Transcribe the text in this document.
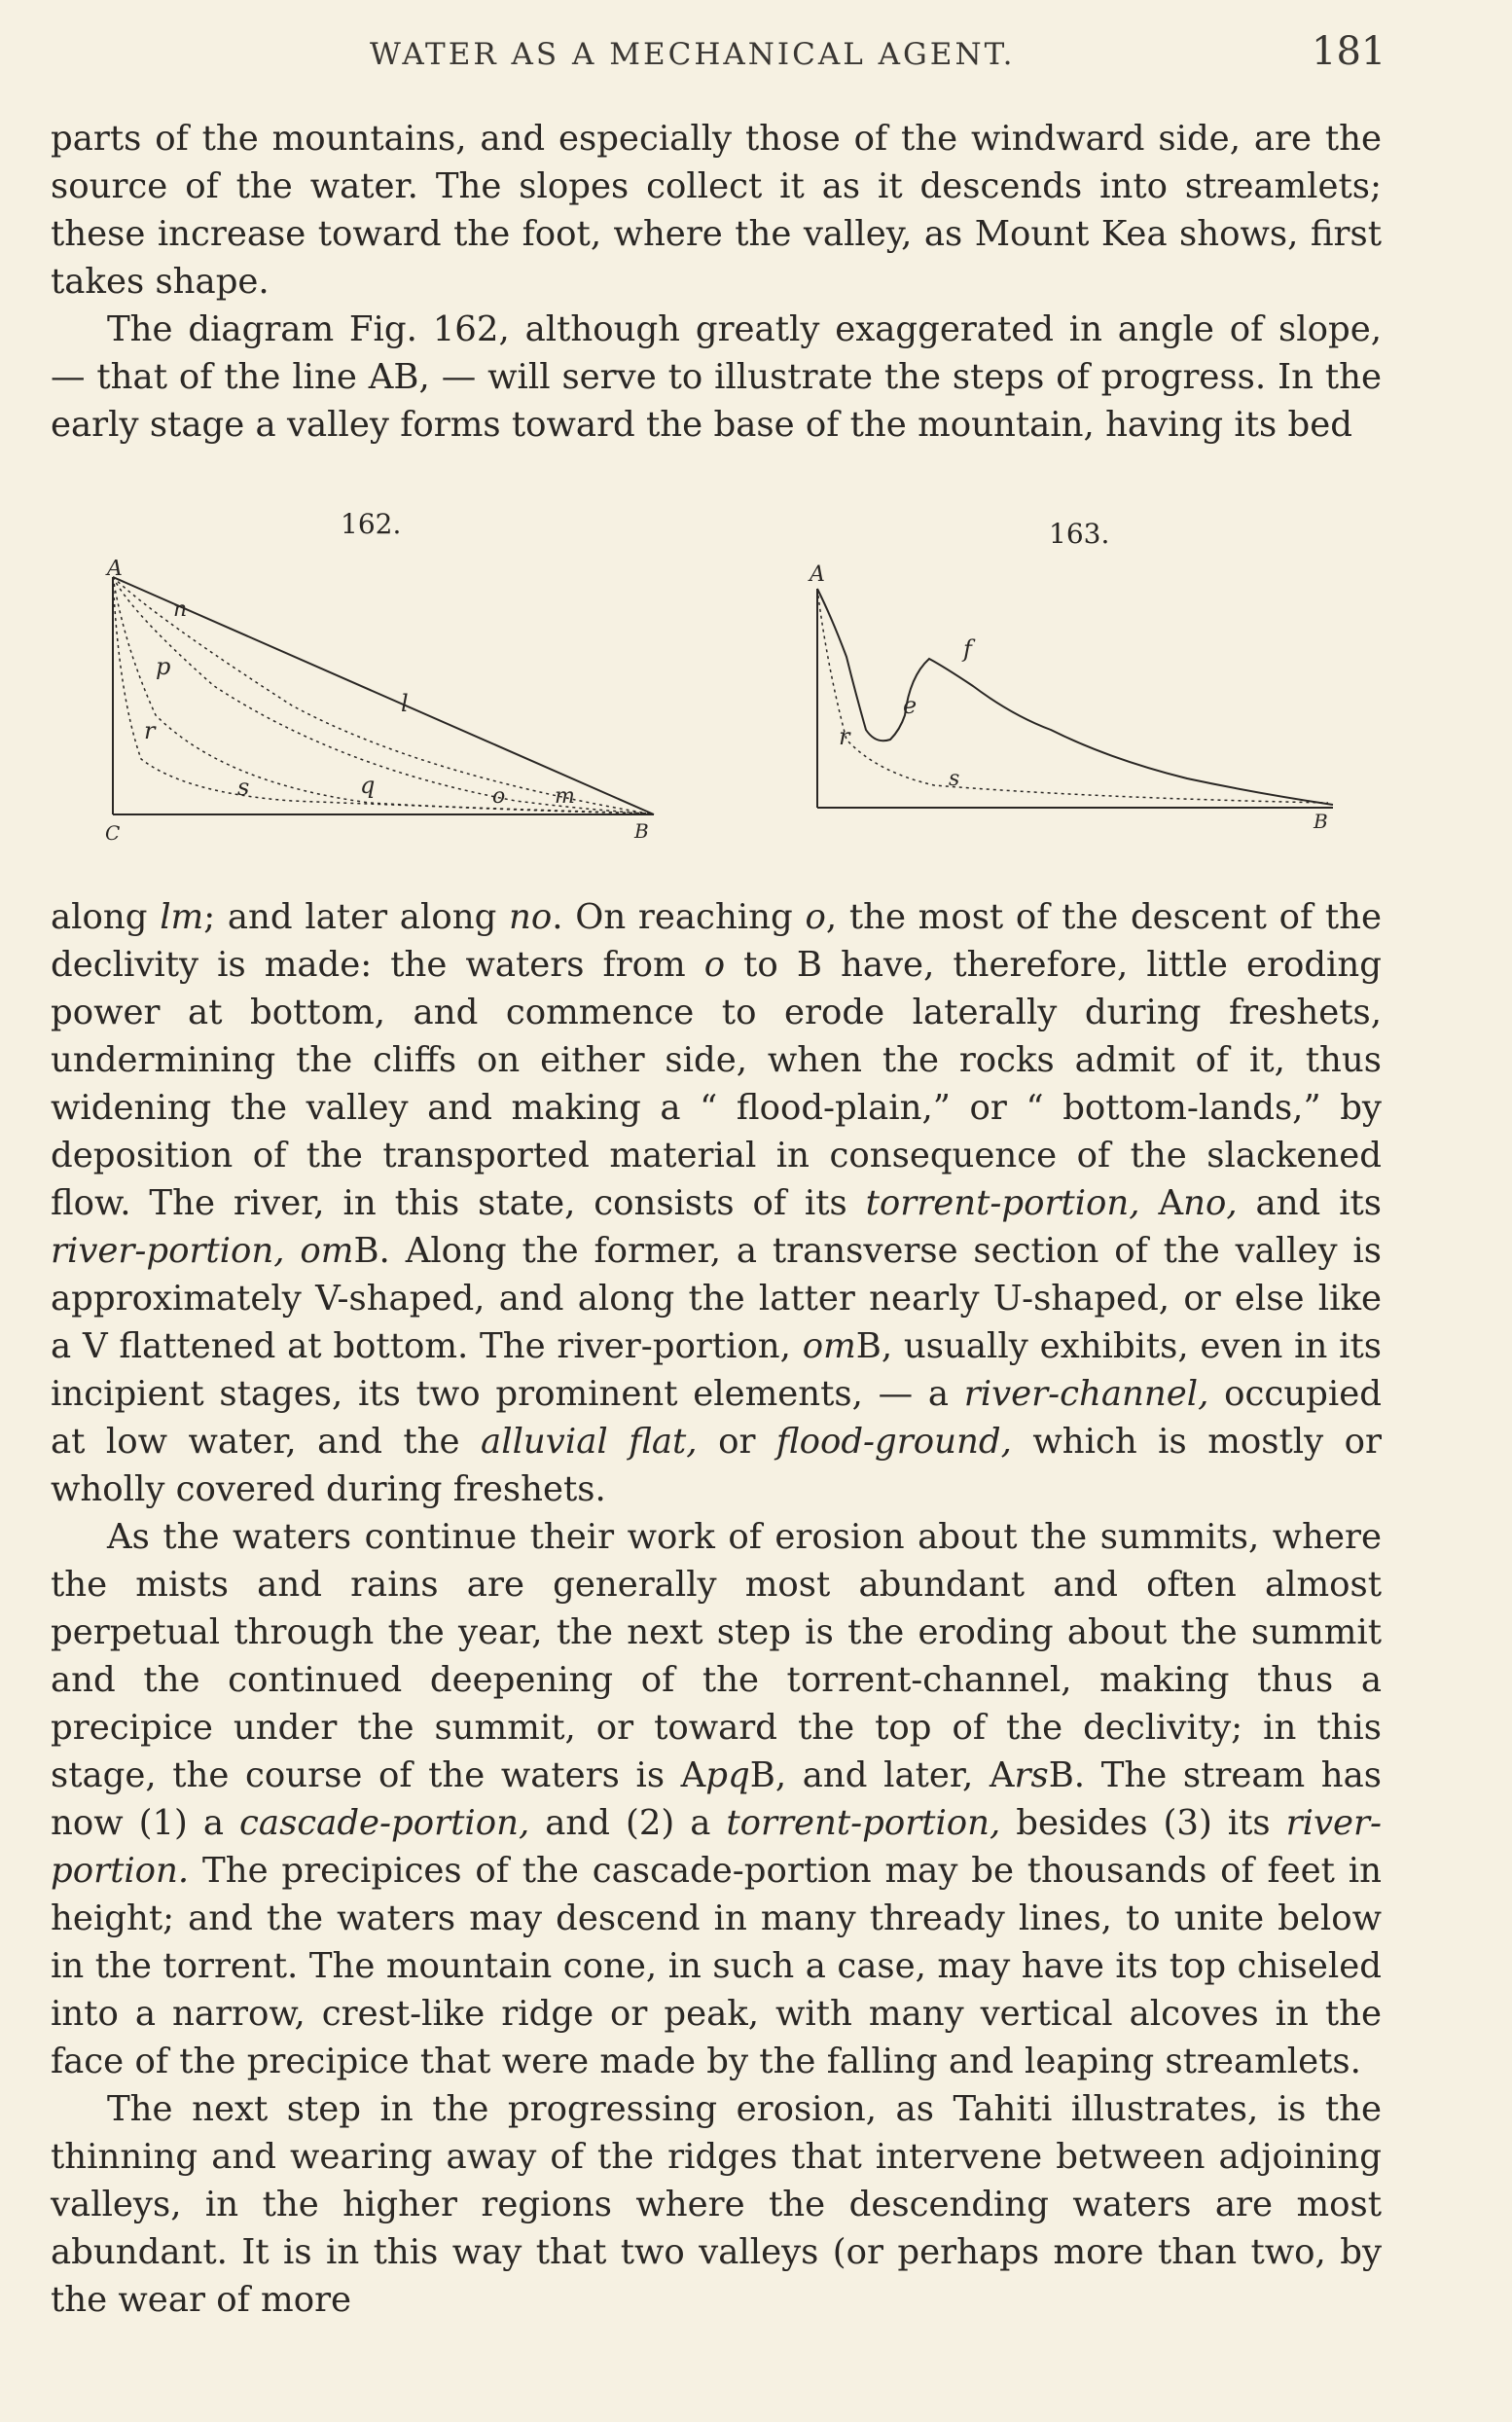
WATER AS A MECHANICAL AGENT.	181

parts of the mountains, and especially those of the windward side, are the source of the water. The slopes collect it as it descends into streamlets; these increase toward the foot, where the valley, as Mount Kea shows, first takes shape.

The diagram Fig. 162, although greatly exaggerated in angle of slope, — that of the line AB, — will serve to illustrate the steps of progress. In the early stage a valley forms toward the base of the mountain, having its bed

162.
A
n
p
l
r
s	q	o m
C	B
163.
A
f
e
r
s
B

along lm; and later along no. On reaching o, the most of the descent of the declivity is made: the waters from o to B have, therefore, little eroding power at bottom, and commence to erode laterally during freshets, undermining the cliffs on either side, when the rocks admit of it, thus widening the valley and making a “ flood-plain,” or “ bottom-lands,” by deposition of the transported material in consequence of the slackened flow. The river, in this state, consists of its torrent-portion, Ano, and its river-portion, omB. Along the former, a transverse section of the valley is approximately V-shaped, and along the latter nearly U-shaped, or else like a V flattened at bottom. The river-portion, omB, usually exhibits, even in its incipient stages, its two prominent elements, — a river-channel, occupied at low water, and the alluvial flat, or flood-ground, which is mostly or wholly covered during freshets.

As the waters continue their work of erosion about the summits, where the mists and rains are generally most abundant and often almost perpetual through the year, the next step is the eroding about the summit and the continued deepening of the torrent-channel, making thus a precipice under the summit, or toward the top of the declivity; in this stage, the course of the waters is ApqB, and later, ArsB. The stream has now (1) a cascade-portion, and (2) a torrent-portion, besides (3) its river-portion. The precipices of the cascade-portion may be thousands of feet in height; and the waters may descend in many thready lines, to unite below in the torrent. The mountain cone, in such a case, may have its top chiseled into a narrow, crest-like ridge or peak, with many vertical alcoves in the face of the precipice that were made by the falling and leaping streamlets.

The next step in the progressing erosion, as Tahiti illustrates, is the thinning and wearing away of the ridges that intervene between adjoining valleys, in the higher regions where the descending waters are most abundant. It is in this way that two valleys (or perhaps more than two, by the wear of more
